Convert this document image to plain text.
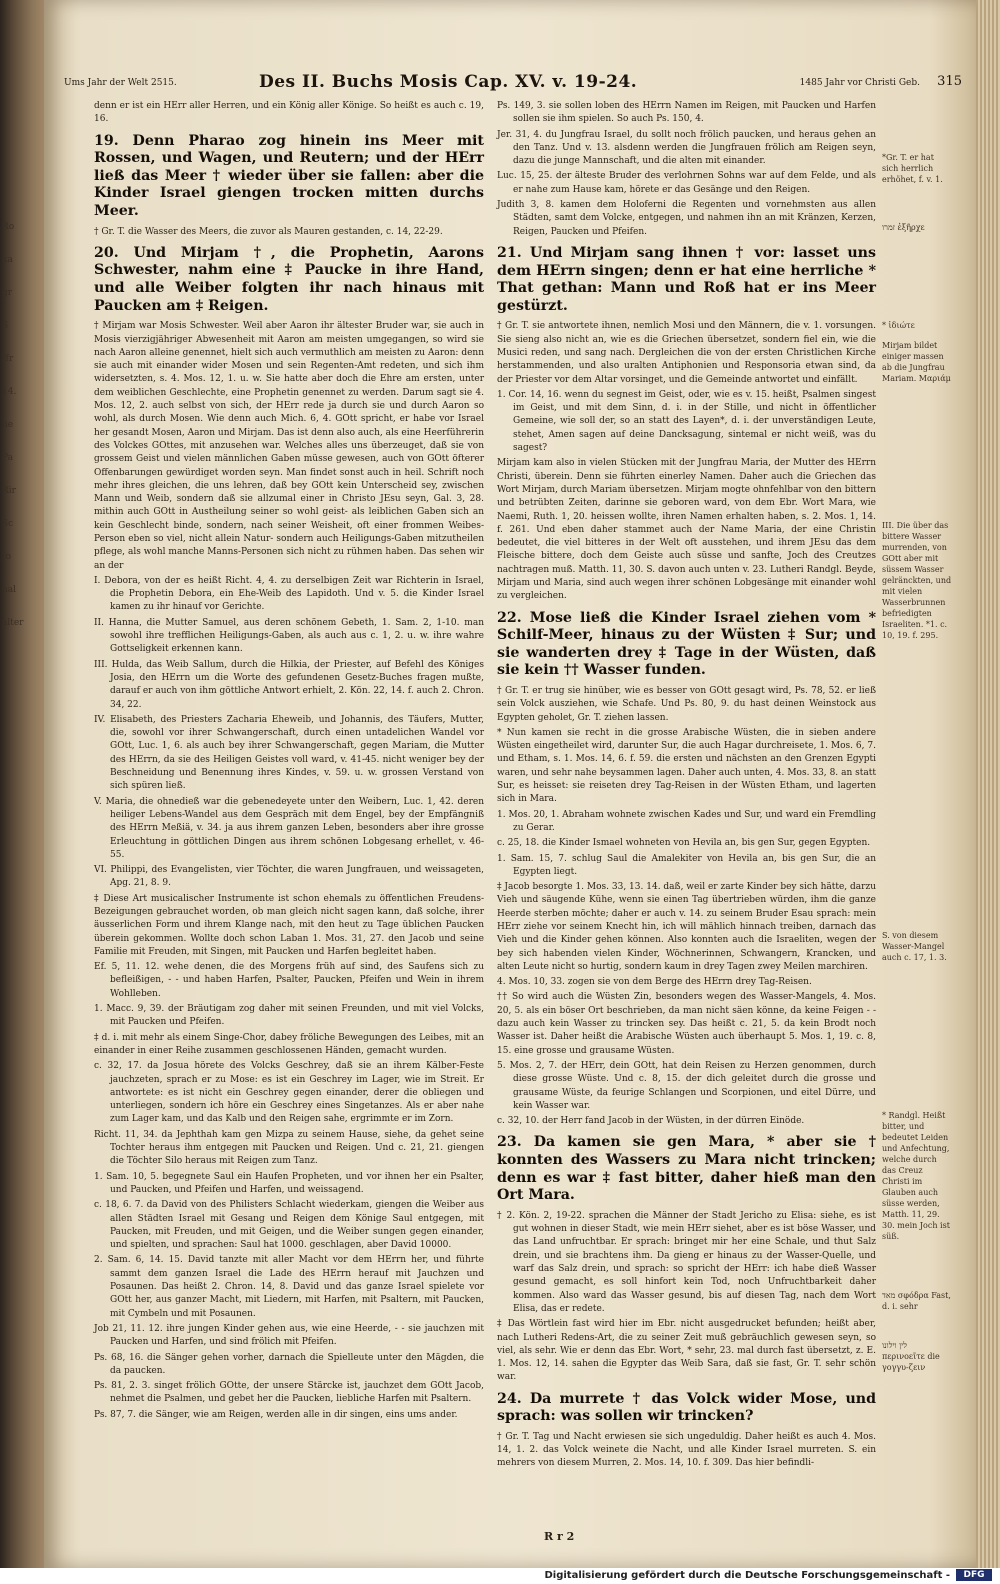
Ro
ka
gr
S
Ifr
14.
ne
Pa
Rir
Sc
Jo
nal
alter
Ums Jahr der Welt 2515.	Des II. Buchs Mosis Cap. XV. v. 19-24.	1485 Jahr vor Christi Geb. 315

denn er ist ein HErr aller Herren, und ein König aller Könige. So heißt es auch c. 19, 16.

19. Denn Pharao zog hinein ins Meer mit Rossen, und Wagen, und Reutern; und der HErr ließ das Meer † wieder über sie fallen: aber die Kinder Israel giengen trocken mitten durchs Meer.

† Gr. T. die Wasser des Meers, die zuvor als Mauren gestanden, c. 14, 22-29.

20. Und Mirjam †, die Prophetin, Aarons Schwester, nahm eine ‡ Paucke in ihre Hand, und alle Weiber folgten ihr nach hinaus mit Paucken am ‡ Reigen.

† Mirjam war Mosis Schwester. Weil aber Aaron ihr ältester Bruder war, sie auch in Mosis vierzigjähriger Abwesenheit mit Aaron am meisten umgegangen, so wird sie nach Aaron alleine genennet, hielt sich auch vermuthlich am meisten zu Aaron: denn sie auch mit einander wider Mosen und sein Regenten-Amt redeten, und sich ihm widersetzten, s. 4. Mos. 12, 1. u. w. Sie hatte aber doch die Ehre am ersten, unter dem weiblichen Geschlechte, eine Prophetin genennet zu werden. Darum sagt sie 4. Mos. 12, 2. auch selbst von sich, der HErr rede ja durch sie und durch Aaron so wohl, als durch Mosen. Wie denn auch Mich. 6, 4. GOtt spricht, er habe vor Israel her gesandt Mosen, Aaron und Mirjam. Das ist denn also auch, als eine Heerführerin des Volckes GOttes, mit anzusehen war. Welches alles uns überzeuget, daß sie von grossem Geist und vielen männlichen Gaben müsse gewesen, auch von GOtt öfterer Offenbarungen gewürdiget worden seyn. Man findet sonst auch in heil. Schrift noch mehr ihres gleichen, die uns lehren, daß bey GOtt kein Unterscheid sey, zwischen Mann und Weib, sondern daß sie allzumal einer in Christo JEsu seyn, Gal. 3, 28. mithin auch GOtt in Austheilung seiner so wohl geist- als leiblichen Gaben sich an kein Geschlecht binde, sondern, nach seiner Weisheit, oft einer frommen Weibes-Person eben so viel, nicht allein Natur- sondern auch Heiligungs-Gaben mitzutheilen pflege, als wohl manche Manns-Personen sich nicht zu rühmen haben. Das sehen wir an der

I. Debora, von der es heißt Richt. 4, 4. zu derselbigen Zeit war Richterin in Israel, die Prophetin Debora, ein Ehe-Weib des Lapidoth. Und v. 5. die Kinder Israel kamen zu ihr hinauf vor Gerichte.

II. Hanna, die Mutter Samuel, aus deren schönem Gebeth, 1. Sam. 2, 1-10. man sowohl ihre trefflichen Heiligungs-Gaben, als auch aus c. 1, 2. u. w. ihre wahre Gottseligkeit erkennen kann.

III. Hulda, das Weib Sallum, durch die Hilkia, der Priester, auf Befehl des Königes Josia, den HErrn um die Worte des gefundenen Gesetz-Buches fragen mußte, darauf er auch von ihm göttliche Antwort erhielt, 2. Kön. 22, 14. f. auch 2. Chron. 34, 22.

IV. Elisabeth, des Priesters Zacharia Eheweib, und Johannis, des Täufers, Mutter, die, sowohl vor ihrer Schwangerschaft, durch einen untadelichen Wandel vor GOtt, Luc. 1, 6. als auch bey ihrer Schwangerschaft, gegen Mariam, die Mutter des HErrn, da sie des Heiligen Geistes voll ward, v. 41-45. nicht weniger bey der Beschneidung und Benennung ihres Kindes, v. 59. u. w. grossen Verstand von sich spüren ließ.

V. Maria, die ohnedieß war die gebenedeyete unter den Weibern, Luc. 1, 42. deren heiliger Lebens-Wandel aus dem Gespräch mit dem Engel, bey der Empfängniß des HErrn Meßiä, v. 34. ja aus ihrem ganzen Leben, besonders aber ihre grosse Erleuchtung in göttlichen Dingen aus ihrem schönen Lobgesang erhellet, v. 46-55.

VI. Philippi, des Evangelisten, vier Töchter, die waren Jungfrauen, und weissageten, Apg. 21, 8. 9.

‡ Diese Art musicalischer Instrumente ist schon ehemals zu öffentlichen Freudens-Bezeigungen gebrauchet worden, ob man gleich nicht sagen kann, daß solche, ihrer äusserlichen Form und ihrem Klange nach, mit den heut zu Tage üblichen Paucken überein gekommen. Wollte doch schon Laban 1. Mos. 31, 27. den Jacob und seine Familie mit Freuden, mit Singen, mit Paucken und Harfen begleitet haben.

Ef. 5, 11. 12. wehe denen, die des Morgens früh auf sind, des Saufens sich zu befleißigen, - - und haben Harfen, Psalter, Paucken, Pfeifen und Wein in ihrem Wohlleben.

1. Macc. 9, 39. der Bräutigam zog daher mit seinen Freunden, und mit viel Volcks, mit Paucken und Pfeifen.

‡ d. i. mit mehr als einem Singe-Chor, dabey fröliche Bewegungen des Leibes, mit an einander in einer Reihe zusammen geschlossenen Händen, gemacht wurden.

c. 32, 17. da Josua hörete des Volcks Geschrey, daß sie an ihrem Kälber-Feste jauchzeten, sprach er zu Mose: es ist ein Geschrey im Lager, wie im Streit. Er antwortete: es ist nicht ein Geschrey gegen einander, derer die obliegen und unterliegen, sondern ich höre ein Geschrey eines Singetanzes. Als er aber nahe zum Lager kam, und das Kalb und den Reigen sahe, ergrimmte er im Zorn.

Richt. 11, 34. da Jephthah kam gen Mizpa zu seinem Hause, siehe, da gehet seine Tochter heraus ihm entgegen mit Paucken und Reigen. Und c. 21, 21. giengen die Töchter Silo heraus mit Reigen zum Tanz.

1. Sam. 10, 5. begegnete Saul ein Haufen Propheten, und vor ihnen her ein Psalter, und Paucken, und Pfeifen und Harfen, und weissagend.

c. 18, 6. 7. da David von des Philisters Schlacht wiederkam, giengen die Weiber aus allen Städten Israel mit Gesang und Reigen dem Könige Saul entgegen, mit Paucken, mit Freuden, und mit Geigen, und die Weiber sungen gegen einander, und spielten, und sprachen: Saul hat 1000. geschlagen, aber David 10000.

2. Sam. 6, 14. 15. David tanzte mit aller Macht vor dem HErrn her, und führte sammt dem ganzen Israel die Lade des HErrn herauf mit Jauchzen und Posaunen. Das heißt 2. Chron. 14, 8. David und das ganze Israel spielete vor GOtt her, aus ganzer Macht, mit Liedern, mit Harfen, mit Psaltern, mit Paucken, mit Cymbeln und mit Posaunen.

Job 21, 11. 12. ihre jungen Kinder gehen aus, wie eine Heerde, - - sie jauchzen mit Paucken und Harfen, und sind frölich mit Pfeifen.

Ps. 68, 16. die Sänger gehen vorher, darnach die Spielleute unter den Mägden, die da paucken.

Ps. 81, 2. 3. singet frölich GOtte, der unsere Stärcke ist, jauchzet dem GOtt Jacob, nehmet die Psalmen, und gebet her die Paucken, liebliche Harfen mit Psaltern.

Ps. 87, 7. die Sänger, wie am Reigen, werden alle in dir singen, eins ums ander.

Ps. 149, 3. sie sollen loben des HErrn Namen im Reigen, mit Paucken und Harfen sollen sie ihm spielen. So auch Ps. 150, 4.

Jer. 31, 4. du Jungfrau Israel, du sollt noch frölich paucken, und heraus gehen an den Tanz. Und v. 13. alsdenn werden die Jungfrauen frölich am Reigen seyn, dazu die junge Mannschaft, und die alten mit einander.

Luc. 15, 25. der älteste Bruder des verlohrnen Sohns war auf dem Felde, und als er nahe zum Hause kam, hörete er das Gesänge und den Reigen.

Judith 3, 8. kamen dem Holoferni die Regenten und vornehmsten aus allen Städten, samt dem Volcke, entgegen, und nahmen ihn an mit Kränzen, Kerzen, Reigen, Paucken und Pfeifen.

21. Und Mirjam sang ihnen † vor: lasset uns dem HErrn singen; denn er hat eine herrliche * That gethan: Mann und Roß hat er ins Meer gestürzt.

† Gr. T. sie antwortete ihnen, nemlich Mosi und den Männern, die v. 1. vorsungen. Sie sieng also nicht an, wie es die Griechen übersetzet, sondern fiel ein, wie die Musici reden, und sang nach. Dergleichen die von der ersten Christlichen Kirche herstammenden, und also uralten Antiphonien und Responsoria etwan sind, da der Priester vor dem Altar vorsinget, und die Gemeinde antwortet und einfällt.

1. Cor. 14, 16. wenn du segnest im Geist, oder, wie es v. 15. heißt, Psalmen singest im Geist, und mit dem Sinn, d. i. in der Stille, und nicht in öffentlicher Gemeine, wie soll der, so an statt des Layen*, d. i. der unverständigen Leute, stehet, Amen sagen auf deine Dancksagung, sintemal er nicht weiß, was du sagest?

Mirjam kam also in vielen Stücken mit der Jungfrau Maria, der Mutter des HErrn Christi, überein. Denn sie führten einerley Namen. Daher auch die Griechen das Wort Mirjam, durch Mariam übersetzen. Mirjam mogte ohnfehlbar von den bittern und betrübten Zeiten, darinne sie geboren ward, von dem Ebr. Wort Mara, wie Naemi, Ruth. 1, 20. heissen wollte, ihren Namen erhalten haben, s. 2. Mos. 1, 14. f. 261. Und eben daher stammet auch der Name Maria, der eine Christin bedeutet, die viel bitteres in der Welt oft ausstehen, und ihrem JEsu das dem Fleische bittere, doch dem Geiste auch süsse und sanfte, Joch des Creutzes nachtragen muß. Matth. 11, 30. S. davon auch unten v. 23. Lutheri Randgl. Beyde, Mirjam und Maria, sind auch wegen ihrer schönen Lobgesänge mit einander wohl zu vergleichen.

22. Mose ließ die Kinder Israel ziehen vom * Schilf-Meer, hinaus zu der Wüsten ‡ Sur; und sie wanderten drey ‡ Tage in der Wüsten, daß sie kein †† Wasser funden.

† Gr. T. er trug sie hinüber, wie es besser von GOtt gesagt wird, Ps. 78, 52. er ließ sein Volck ausziehen, wie Schafe. Und Ps. 80, 9. du hast deinen Weinstock aus Egypten geholet, Gr. T. ziehen lassen.

* Nun kamen sie recht in die grosse Arabische Wüsten, die in sieben andere Wüsten eingetheilet wird, darunter Sur, die auch Hagar durchreisete, 1. Mos. 6, 7. und Etham, s. 1. Mos. 14, 6. f. 59. die ersten und nächsten an den Grenzen Egypti waren, und sehr nahe beysammen lagen. Daher auch unten, 4. Mos. 33, 8. an statt Sur, es heisset: sie reiseten drey Tag-Reisen in der Wüsten Etham, und lagerten sich in Mara.

1. Mos. 20, 1. Abraham wohnete zwischen Kades und Sur, und ward ein Fremdling zu Gerar.

c. 25, 18. die Kinder Ismael wohneten von Hevila an, bis gen Sur, gegen Egypten.

1. Sam. 15, 7. schlug Saul die Amalekiter von Hevila an, bis gen Sur, die an Egypten liegt.

‡ Jacob besorgte 1. Mos. 33, 13. 14. daß, weil er zarte Kinder bey sich hätte, darzu Vieh und säugende Kühe, wenn sie einen Tag übertrieben würden, ihm die ganze Heerde sterben möchte; daher er auch v. 14. zu seinem Bruder Esau sprach: mein HErr ziehe vor seinem Knecht hin, ich will mählich hinnach treiben, darnach das Vieh und die Kinder gehen können. Also konnten auch die Israeliten, wegen der bey sich habenden vielen Kinder, Wöchnerinnen, Schwangern, Krancken, und alten Leute nicht so hurtig, sondern kaum in drey Tagen zwey Meilen marchiren.

4. Mos. 10, 33. zogen sie von dem Berge des HErrn drey Tag-Reisen.

†† So wird auch die Wüsten Zin, besonders wegen des Wasser-Mangels, 4. Mos. 20, 5. als ein böser Ort beschrieben, da man nicht säen könne, da keine Feigen - - dazu auch kein Wasser zu trincken sey. Das heißt c. 21, 5. da kein Brodt noch Wasser ist. Daher heißt die Arabische Wüsten auch überhaupt 5. Mos. 1, 19. c. 8, 15. eine grosse und grausame Wüsten.

5. Mos. 2, 7. der HErr, dein GOtt, hat dein Reisen zu Herzen genommen, durch diese grosse Wüste. Und c. 8, 15. der dich geleitet durch die grosse und grausame Wüste, da feurige Schlangen und Scorpionen, und eitel Dürre, und kein Wasser war.

c. 32, 10. der Herr fand Jacob in der Wüsten, in der dürren Einöde.

23. Da kamen sie gen Mara, * aber sie † konnten des Wassers zu Mara nicht trincken; denn es war ‡ fast bitter, daher hieß man den Ort Mara.

† 2. Kön. 2, 19-22. sprachen die Männer der Stadt Jericho zu Elisa: siehe, es ist gut wohnen in dieser Stadt, wie mein HErr siehet, aber es ist böse Wasser, und das Land unfruchtbar. Er sprach: bringet mir her eine Schale, und thut Salz drein, und sie brachtens ihm. Da gieng er hinaus zu der Wasser-Quelle, und warf das Salz drein, und sprach: so spricht der HErr: ich habe dieß Wasser gesund gemacht, es soll hinfort kein Tod, noch Unfruchtbarkeit daher kommen. Also ward das Wasser gesund, bis auf diesen Tag, nach dem Wort Elisa, das er redete.

‡ Das Wörtlein fast wird hier im Ebr. nicht ausgedrucket befunden; heißt aber, nach Lutheri Redens-Art, die zu seiner Zeit muß gebräuchlich gewesen seyn, so viel, als sehr. Wie er denn das Ebr. Wort, * sehr, 23. mal durch fast übersetzt, z. E. 1. Mos. 12, 14. sahen die Egypter das Weib Sara, daß sie fast, Gr. T. sehr schön war.

24. Da murrete † das Volck wider Mose, und sprach: was sollen wir trincken?

† Gr. T. Tag und Nacht erwiesen sie sich ungeduldig. Daher heißt es auch 4. Mos. 14, 1. 2. das Volck weinete die Nacht, und alle Kinder Israel murreten. S. ein mehrers von diesem Murren, 2. Mos. 14, 10. f. 309. Das hier befindli-

*Gr. T. er hat sich herrlich erhöhet, f. v. 1.
זמרו ἐξῆρχε
* ἰδιώτε
Mirjam bildet einiger massen ab die Jungfrau Mariam. Μαριάμ
III. Die über das bittere Wasser murrenden, von GOtt aber mit süssem Wasser gelränckten, und mit vielen Wasserbrunnen befriedigten Israeliten. *1. c. 10, 19. f. 295.
S. von diesem Wasser-Mangel auch c. 17, 1. 3.
* Randgl. Heißt bitter, und bedeutet Leiden und Anfechtung, welche durch das Creuz Christi im Glauben auch süsse werden, Matth. 11, 29. 30. mein Joch ist süß.
מאד σφόδρα Fast, d. i. sehr
לין וילונו περινοεῖτε die γογγυ-ζειν
R r 2
Digitalisierung gefördert durch die Deutsche Forschungsgemeinschaft -	DFG
